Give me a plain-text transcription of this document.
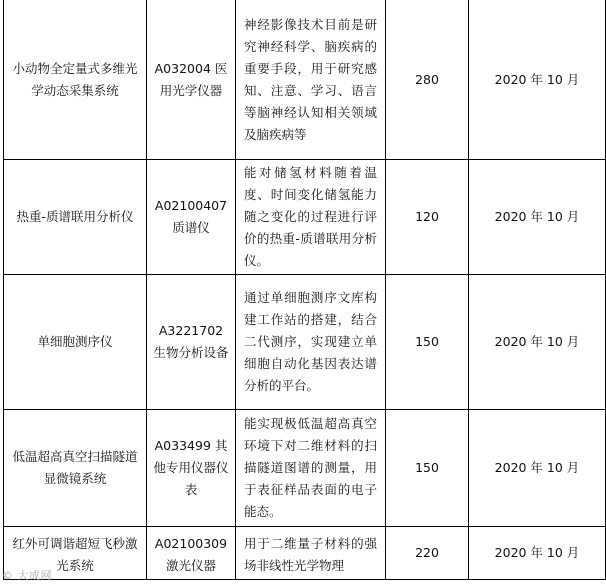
小动物全定量式多维光学动态采集系统	A032004 医用光学仪器	神经影像技术目前是研究神经科学、脑疾病的重要手段，用于研究感知、注意、学习、语言等脑神经认知相关领域及脑疾病等	280	2020 年 10 月
热重-质谱联用分析仪	A02100407 质谱仪	能对储氢材料随着温度、时间变化储氢能力随之变化的过程进行评价的热重-质谱联用分析仪。	120	2020 年 10 月
单细胞测序仪	A3221702 生物分析设备	通过单细胞测序文库构建工作站的搭建，结合二代测序，实现建立单细胞自动化基因表达谱分析的平台。	150	2020 年 10 月
低温超高真空扫描隧道显微镜系统	A033499 其他专用仪器仪表	能实现极低温超高真空环境下对二维材料的扫描隧道图谱的测量，用于表征样品表面的电子能态。	150	2020 年 10 月
红外可调谐超短飞秒激光系统	A02100309 激光仪器	用于二维量子材料的强场非线性光学物理	220	2020 年 10 月
© 大成网
